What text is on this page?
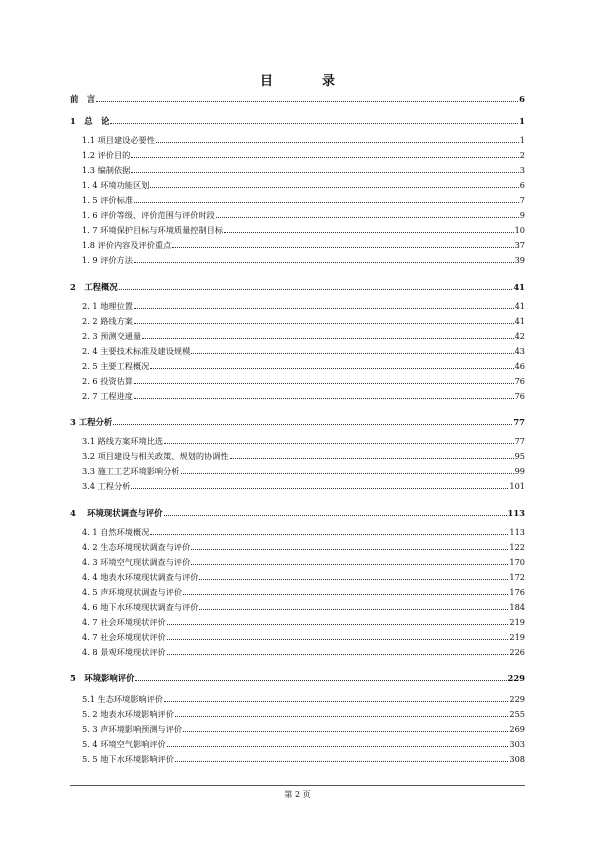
目　录
前　言	6
1　总　论	1
1.1 项目建设必要性	1
1.2 评价目的	2
1.3 编制依据	3
1. 4 环境功能区划	6
1. 5 评价标准	7
1. 6 评价等级、评价范围与评价时段	9
1. 7 环境保护目标与环境质量控制目标	10
1.8 评价内容及评价重点	37
1. 9 评价方法	39
2　工程概况	41
2. 1 地理位置	41
2. 2 路线方案	41
2. 3 预测交通量	42
2. 4 主要技术标准及建设规模	43
2. 5 主要工程概况	46
2. 6 投资估算	76
2. 7 工程进度	76
3 工程分析	77
3.1 路线方案环境比选	77
3.2 项目建设与相关政策、规划的协调性	95
3.3 施工工艺环境影响分析	99
3.4 工程分析	101
4　 环境现状调查与评价	113
4. 1 自然环境概况	113
4. 2 生态环境现状调查与评价	122
4. 3 环境空气现状调查与评价	170
4. 4 地表水环境现状调查与评价	172
4. 5 声环境现状调查与评价	176
4. 6 地下水环境现状调查与评价	184
4. 7 社会环境现状评价	219
4. 7 社会环境现状评价	219
4. 8 景观环境现状评价	226
5　环境影响评价	229
5.1 生态环境影响评价	229
5. 2 地表水环境影响评价	255
5. 3 声环境影响预测与评价	269
5. 4 环境空气影响评价	303
5. 5 地下水环境影响评价	308
第 2 页
